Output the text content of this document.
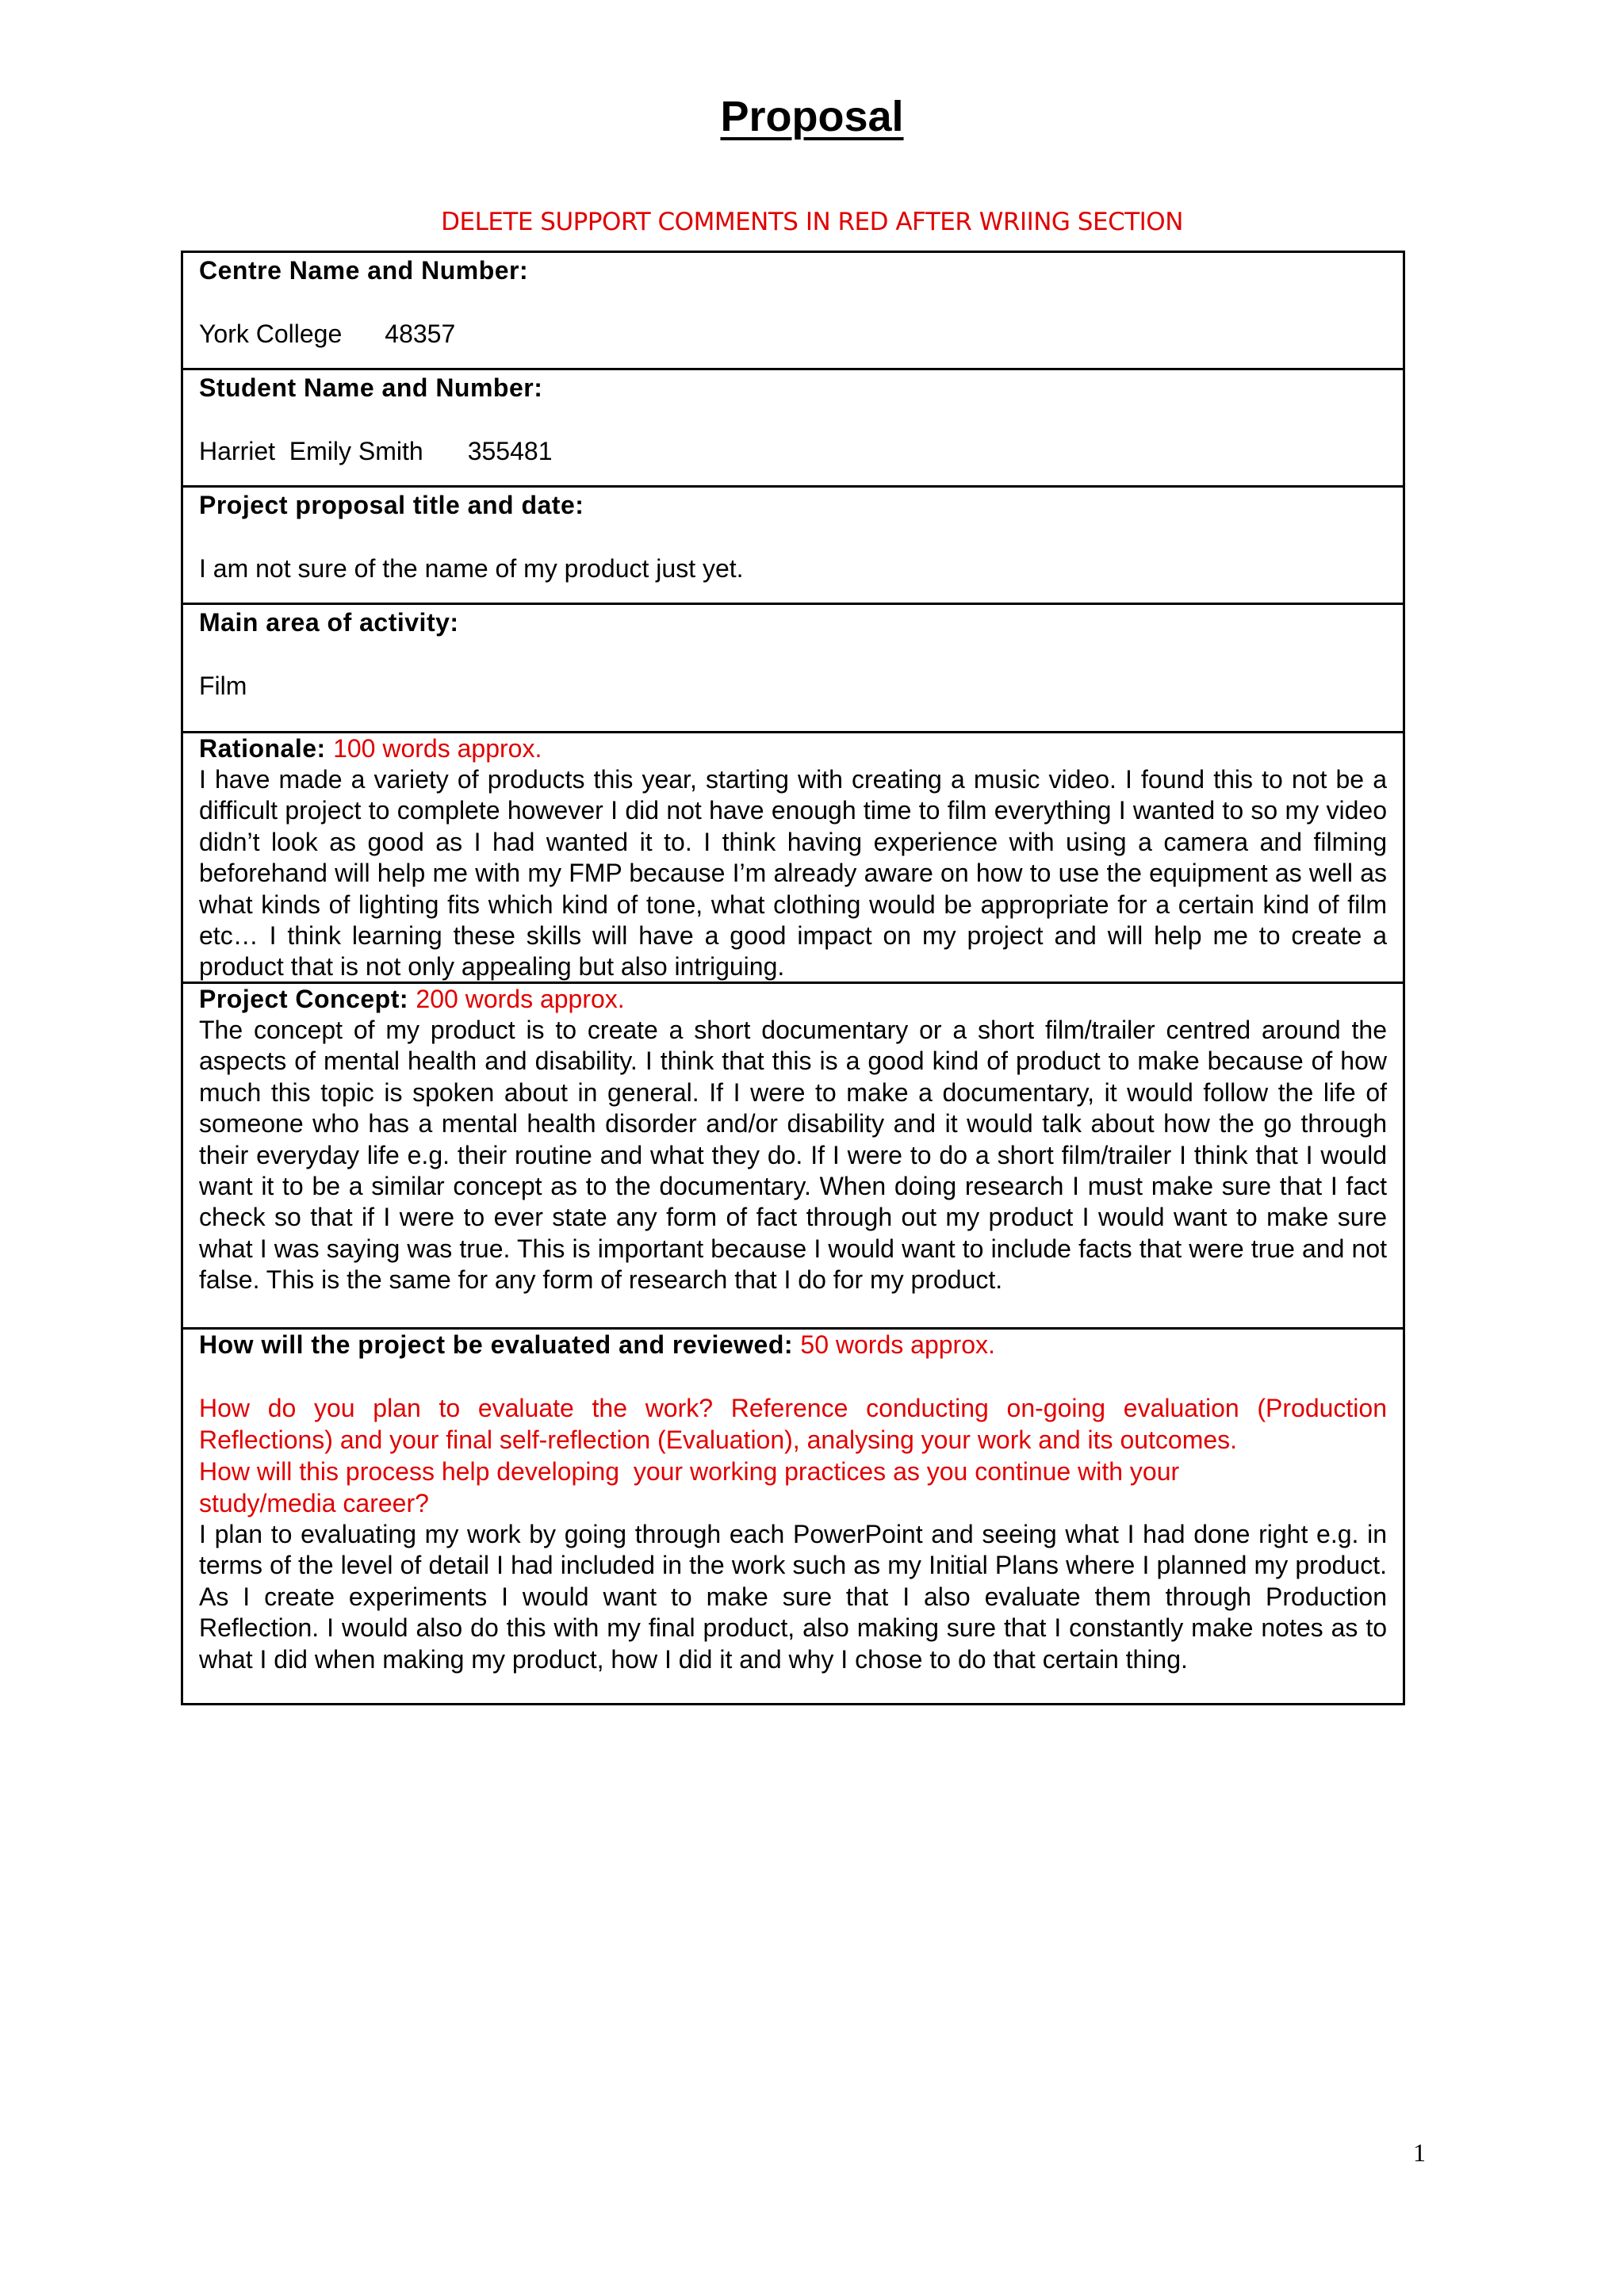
Proposal
DELETE SUPPORT COMMENTS IN RED AFTER WRIING SECTION
Centre Name and Number:
York College 48357
Student Name and Number:
Harriet  Emily Smith 355481
Project proposal title and date:
I am not sure of the name of my product just yet.
Main area of activity:
Film
Rationale: 100 words approx.
I have made a variety of products this year, starting with creating a music video. I found this to not be a difficult project to complete however I did not have enough time to film everything I wanted to so my video didn’t look as good as I had wanted it to. I think having experience with using a camera and filming beforehand will help me with my FMP because I’m already aware on how to use the equipment as well as what kinds of lighting fits which kind of tone, what clothing would be appropriate for a certain kind of film etc… I think learning these skills will have a good impact on my project and will help me to create a product that is not only appealing but also intriguing.
Project Concept: 200 words approx.
The concept of my product is to create a short documentary or a short film/trailer centred around the aspects of mental health and disability. I think that this is a good kind of product to make because of how much this topic is spoken about in general. If I were to make a documentary, it would follow the life of someone who has a mental health disorder and/or disability and it would talk about how the go through their everyday life e.g. their routine and what they do. If I were to do a short film/trailer I think that I would want it to be a similar concept as to the documentary. When doing research I must make sure that I fact check so that if I were to ever state any form of fact through out my product I would want to make sure what I was saying was true. This is important because I would want to include facts that were true and not false. This is the same for any form of research that I do for my product.
How will the project be evaluated and reviewed: 50 words approx.
How do you plan to evaluate the work? Reference conducting on-going evaluation (Production Reflections) and your final self-reflection (Evaluation), analysing your work and its outcomes.
How will this process help developing  your working practices as you continue with your
study/media career?
I plan to evaluating my work by going through each PowerPoint and seeing what I had done right e.g. in terms of the level of detail I had included in the work such as my Initial Plans where I planned my product. As I create experiments I would want to make sure that I also evaluate them through Production Reflection. I would also do this with my final product, also making sure that I constantly make notes as to what I did when making my product, how I did it and why I chose to do that certain thing.
1
